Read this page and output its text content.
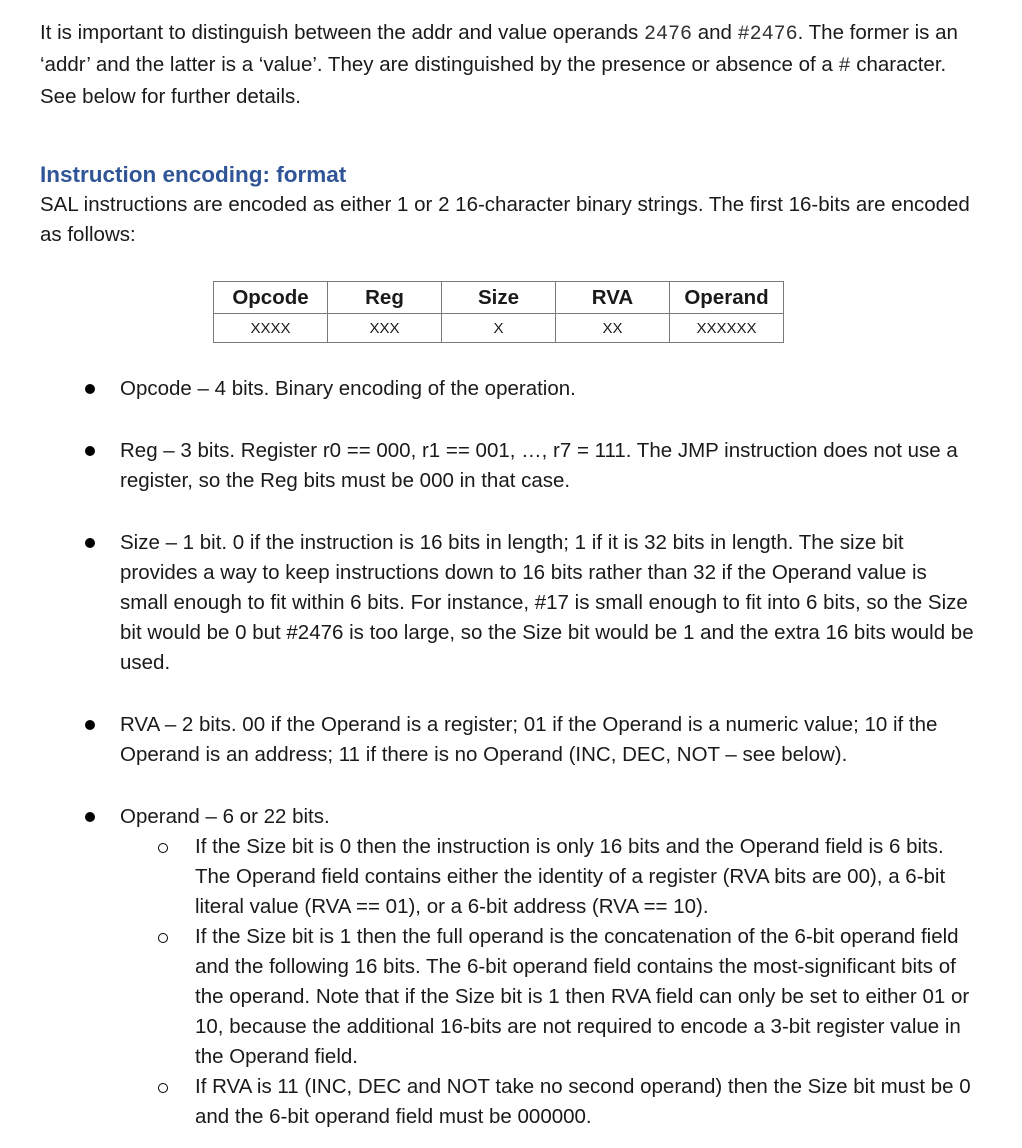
It is important to distinguish between the addr and value operands 2476 and #2476. The former is an ‘addr’ and the latter is a ‘value’. They are distinguished by the presence or absence of a # character. See below for further details.

Instruction encoding: format

SAL instructions are encoded as either 1 or 2 16-character binary strings. The first 16-bits are encoded as follows:

Opcode	Reg	Size	RVA	Operand
XXXX	XXX	X	XX	XXXXXX
Opcode – 4 bits. Binary encoding of the operation.
Reg – 3 bits. Register r0 == 000, r1 == 001, …, r7 = 111. The JMP instruction does not use a register, so the Reg bits must be 000 in that case.
Size – 1 bit. 0 if the instruction is 16 bits in length; 1 if it is 32 bits in length. The size bit provides a way to keep instructions down to 16 bits rather than 32 if the Operand value is small enough to fit within 6 bits. For instance, #17 is small enough to fit into 6 bits, so the Size bit would be 0 but #2476 is too large, so the Size bit would be 1 and the extra 16 bits would be used.
RVA – 2 bits. 00 if the Operand is a register; 01 if the Operand is a numeric value; 10 if the Operand is an address; 11 if there is no Operand (INC, DEC, NOT – see below).
Operand – 6 or 22 bits.
If the Size bit is 0 then the instruction is only 16 bits and the Operand field is 6 bits. The Operand field contains either the identity of a register (RVA bits are 00), a 6-bit literal value (RVA == 01), or a 6-bit address (RVA == 10).
If the Size bit is 1 then the full operand is the concatenation of the 6-bit operand field and the following 16 bits. The 6-bit operand field contains the most-significant bits of the operand. Note that if the Size bit is 1 then RVA field can only be set to either 01 or 10, because the additional 16-bits are not required to encode a 3-bit register value in the Operand field.
If RVA is 11 (INC, DEC and NOT take no second operand) then the Size bit must be 0 and the 6-bit operand field must be 000000.
